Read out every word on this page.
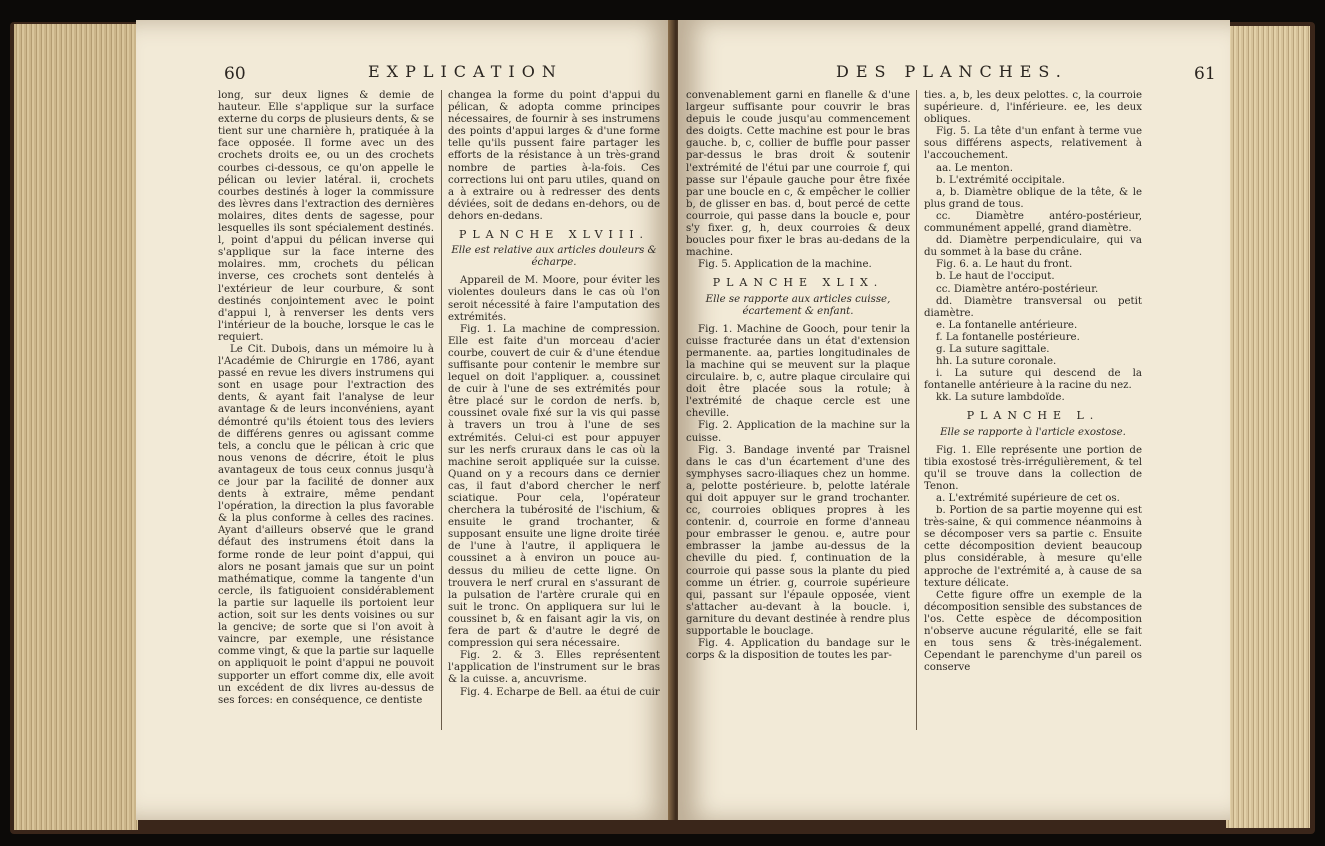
60	EXPLICATION

long, sur deux lignes & demie de hauteur. Elle s'applique sur la surface externe du corps de plusieurs dents, & se tient sur une charnière h, pratiquée à la face opposée. Il forme avec un des crochets droits ee, ou un des crochets courbes ci-dessous, ce qu'on appelle le pélican ou levier latéral. ii, crochets courbes destinés à loger la commissure des lèvres dans l'extraction des dernières molaires, dites dents de sagesse, pour lesquelles ils sont spécialement destinés. l, point d'appui du pélican inverse qui s'applique sur la face interne des molaires. mm, crochets du pélican inverse, ces crochets sont dentelés à l'extérieur de leur courbure, & sont destinés conjointement avec le point d'appui l, à renverser les dents vers l'intérieur de la bouche, lorsque le cas le requiert.

Le Cit. Dubois, dans un mémoire lu à l'Académie de Chirurgie en 1786, ayant passé en revue les divers instrumens qui sont en usage pour l'extraction des dents, & ayant fait l'analyse de leur avantage & de leurs inconvéniens, ayant démontré qu'ils étoient tous des leviers de différens genres ou agissant comme tels, a conclu que le pélican à cric que nous venons de décrire, étoit le plus avantageux de tous ceux connus jusqu'à ce jour par la facilité de donner aux dents à extraire, même pendant l'opération, la direction la plus favorable & la plus conforme à celles des racines. Ayant d'ailleurs observé que le grand défaut des instrumens étoit dans la forme ronde de leur point d'appui, qui alors ne posant jamais que sur un point mathématique, comme la tangente d'un cercle, ils fatiguoient considérablement la partie sur laquelle ils portoient leur action, soit sur les dents voisines ou sur la gencive; de sorte que si l'on avoit à vaincre, par exemple, une résistance comme vingt, & que la partie sur laquelle on appliquoit le point d'appui ne pouvoit supporter un effort comme dix, elle avoit un excédent de dix livres au-dessus de ses forces: en conséquence, ce dentiste

changea la forme du point d'appui du pélican, & adopta comme principes nécessaires, de fournir à ses instrumens des points d'appui larges & d'une forme telle qu'ils pussent faire partager les efforts de la résistance à un très-grand nombre de parties à-la-fois. Ces corrections lui ont paru utiles, quand on a à extraire ou à redresser des dents déviées, soit de dedans en-dehors, ou de dehors en-dedans.

PLANCHE XLVIII.

Elle est relative aux articles douleurs & écharpe.

Appareil de M. Moore, pour éviter les violentes douleurs dans le cas où l'on seroit nécessité à faire l'amputation des extrémités.

Fig. 1. La machine de compression. Elle est faite d'un morceau d'acier courbe, couvert de cuir & d'une étendue suffisante pour contenir le membre sur lequel on doit l'appliquer. a, coussinet de cuir à l'une de ses extrémités pour être placé sur le cordon de nerfs. b, coussinet ovale fixé sur la vis qui passe à travers un trou à l'une de ses extrémités. Celui-ci est pour appuyer sur les nerfs cruraux dans le cas où la machine seroit appliquée sur la cuisse. Quand on y a recours dans ce dernier cas, il faut d'abord chercher le nerf sciatique. Pour cela, l'opérateur cherchera la tubérosité de l'ischium, & ensuite le grand trochanter, & supposant ensuite une ligne droite tirée de l'une à l'autre, il appliquera le coussinet a à environ un pouce au-dessus du milieu de cette ligne. On trouvera le nerf crural en s'assurant de la pulsation de l'artère crurale qui en suit le tronc. On appliquera sur lui le coussinet b, & en faisant agir la vis, on fera de part & d'autre le degré de compression qui sera nécessaire.

Fig. 2. & 3. Elles représentent l'application de l'instrument sur le bras & la cuisse. a, ancuvrisme.

Fig. 4. Echarpe de Bell. aa étui de cuir

DES PLANCHES.	61

convenablement garni en flanelle & d'une largeur suffisante pour couvrir le bras depuis le coude jusqu'au commencement des doigts. Cette machine est pour le bras gauche. b, c, collier de buffle pour passer par-dessus le bras droit & soutenir l'extrémité de l'étui par une courroie f, qui passe sur l'épaule gauche pour être fixée par une boucle en c, & empêcher le collier b, de glisser en bas. d, bout percé de cette courroie, qui passe dans la boucle e, pour s'y fixer. g, h, deux courroies & deux boucles pour fixer le bras au-dedans de la machine.

Fig. 5. Application de la machine.

PLANCHE XLIX.

Elle se rapporte aux articles cuisse, écartement & enfant.

Fig. 1. Machine de Gooch, pour tenir la cuisse fracturée dans un état d'extension permanente. aa, parties longitudinales de la machine qui se meuvent sur la plaque circulaire. b, c, autre plaque circulaire qui doit être placée sous la rotule; à l'extrémité de chaque cercle est une cheville.

Fig. 2. Application de la machine sur la cuisse.

Fig. 3. Bandage inventé par Traisnel dans le cas d'un écartement d'une des symphyses sacro-iliaques chez un homme. a, pelotte postérieure. b, pelotte latérale qui doit appuyer sur le grand trochanter. cc, courroies obliques propres à les contenir. d, courroie en forme d'anneau pour embrasser le genou. e, autre pour embrasser la jambe au-dessus de la cheville du pied. f, continuation de la courroie qui passe sous la plante du pied comme un étrier. g, courroie supérieure qui, passant sur l'épaule opposée, vient s'attacher au-devant à la boucle. i, garniture du devant destinée à rendre plus supportable le bouclage.

Fig. 4. Application du bandage sur le corps & la disposition de toutes les par-

ties. a, b, les deux pelottes. c, la courroie supérieure. d, l'inférieure. ee, les deux obliques.

Fig. 5. La tête d'un enfant à terme vue sous différens aspects, relativement à l'accouchement.

aa. Le menton.

b. L'extrémité occipitale.

a, b. Diamètre oblique de la tête, & le plus grand de tous.

cc. Diamètre antéro-postérieur, communément appellé, grand diamètre.

dd. Diamètre perpendiculaire, qui va du sommet à la base du crâne.

Fig. 6. a. Le haut du front.

b. Le haut de l'occiput.

cc. Diamètre antéro-postérieur.

dd. Diamètre transversal ou petit diamètre.

e. La fontanelle antérieure.

f. La fontanelle postérieure.

g. La suture sagittale.

hh. La suture coronale.

i. La suture qui descend de la fontanelle antérieure à la racine du nez.

kk. La suture lambdoïde.

PLANCHE L.

Elle se rapporte à l'article exostose.

Fig. 1. Elle représente une portion de tibia exostosé très-irrégulièrement, & tel qu'il se trouve dans la collection de Tenon.

a. L'extrémité supérieure de cet os.

b. Portion de sa partie moyenne qui est très-saine, & qui commence néanmoins à se décomposer vers sa partie c. Ensuite cette décomposition devient beaucoup plus considérable, à mesure qu'elle approche de l'extrémité a, à cause de sa texture délicate.

Cette figure offre un exemple de la décomposition sensible des substances de l'os. Cette espèce de décomposition n'observe aucune régularité, elle se fait en tous sens & très-inégalement. Cependant le parenchyme d'un pareil os conserve
